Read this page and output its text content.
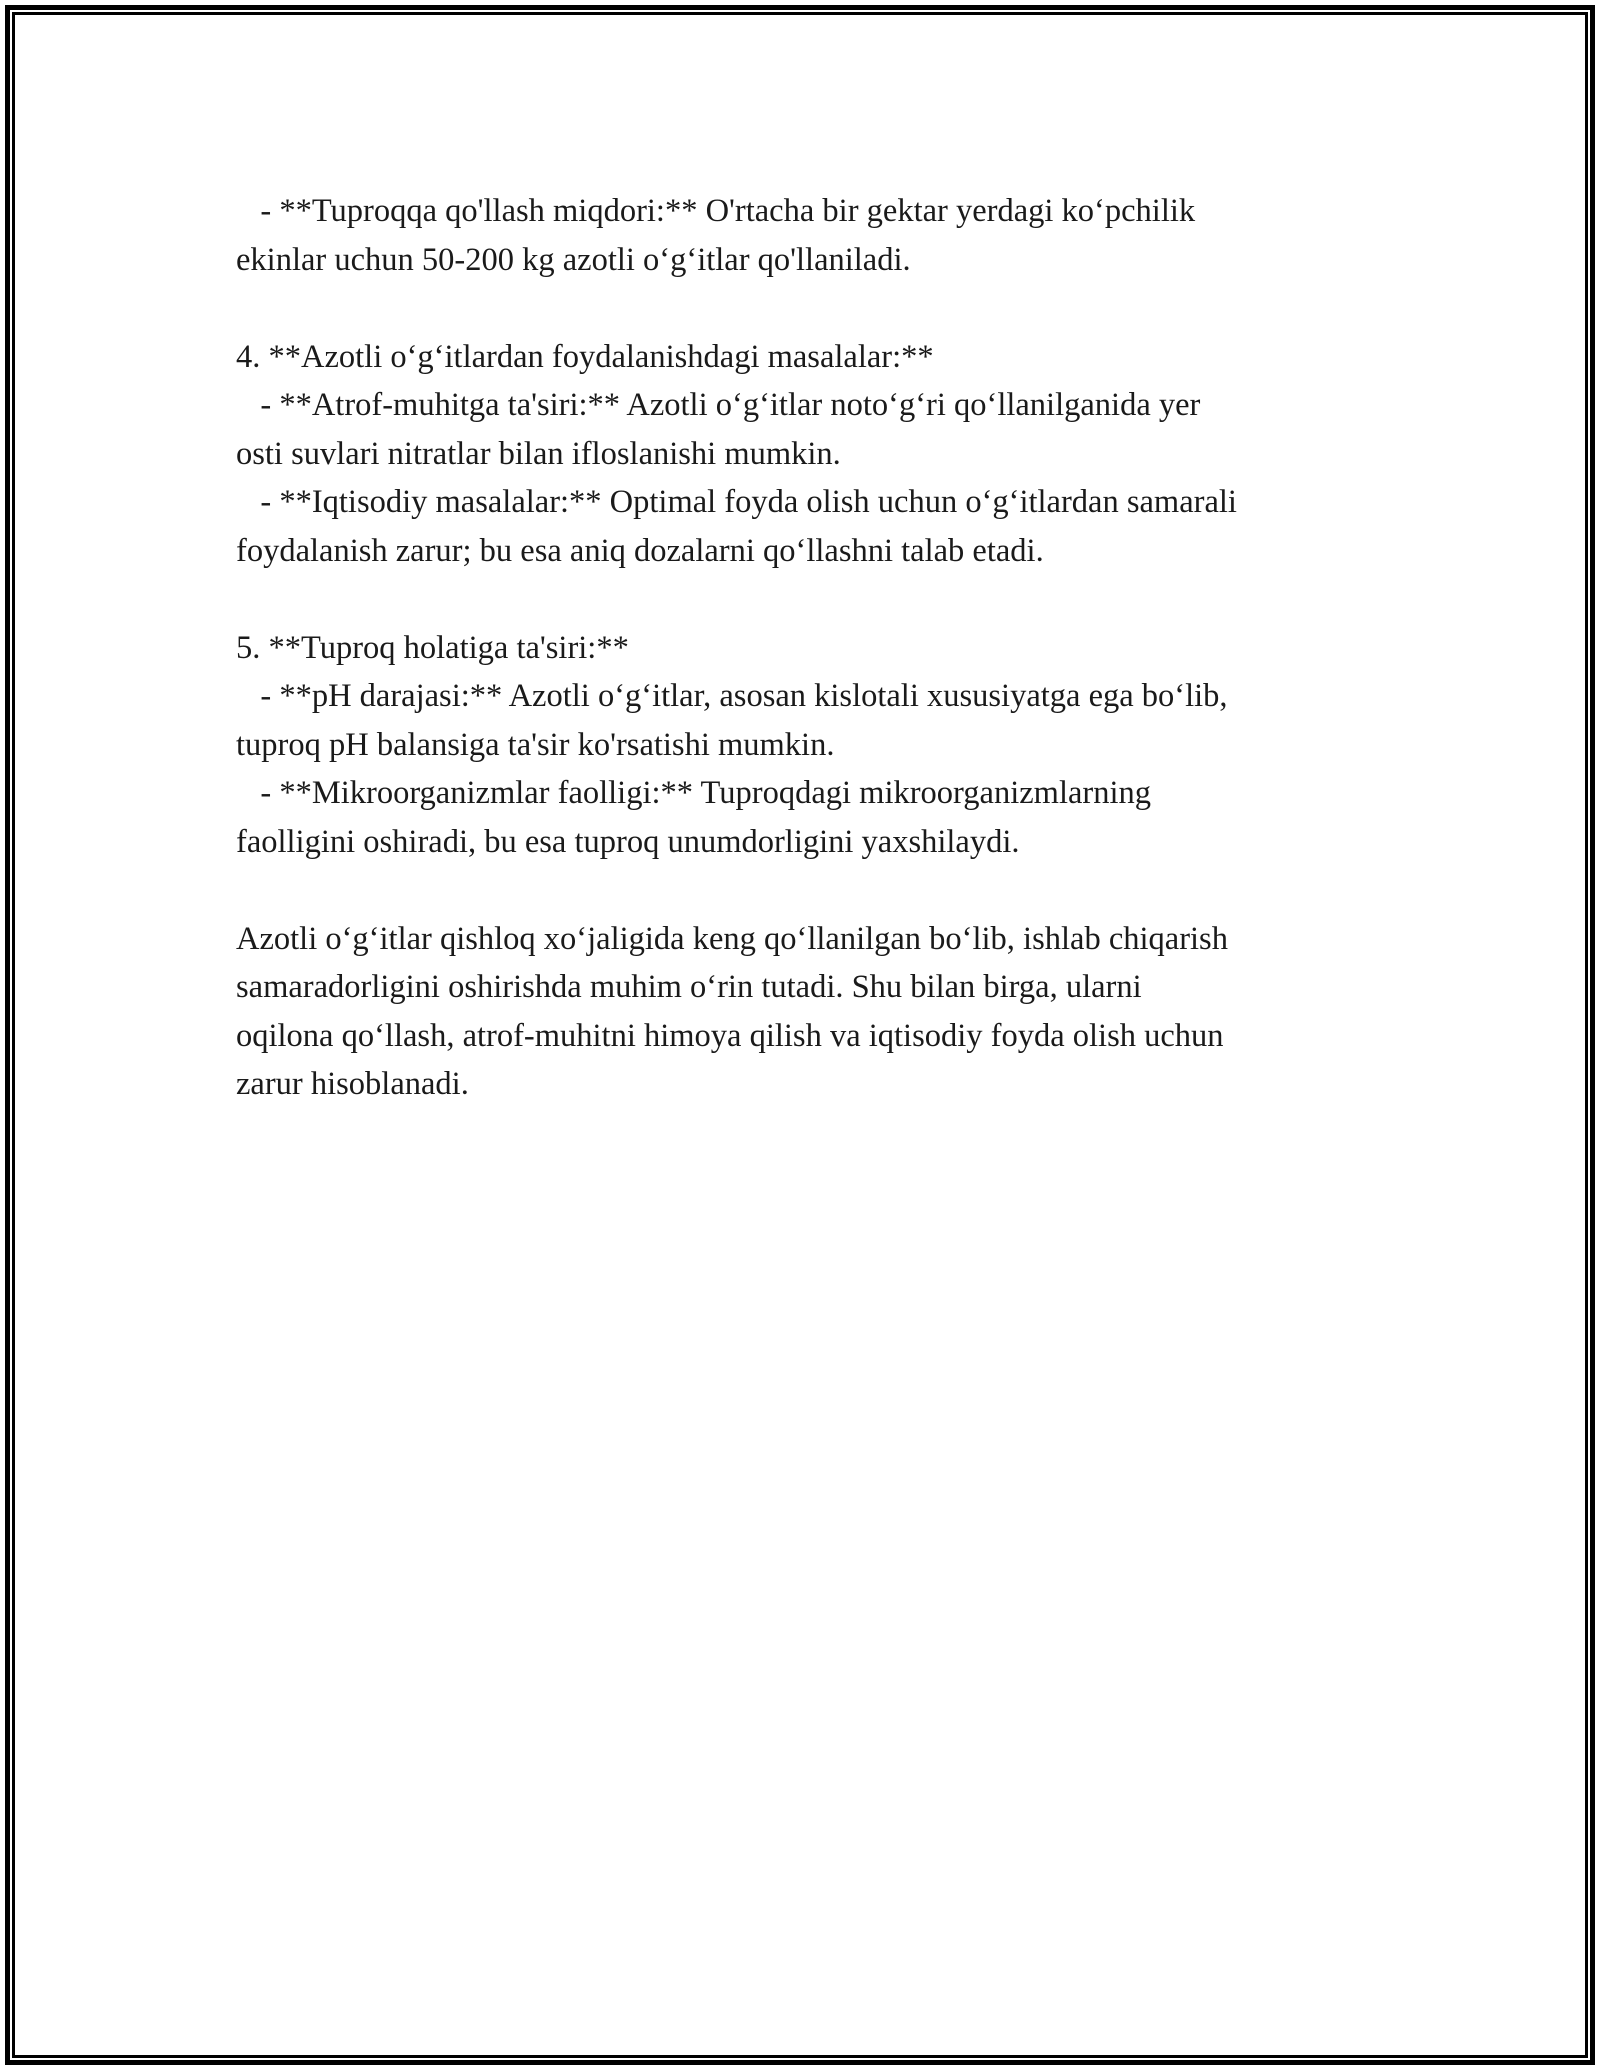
- **Tuproqqa qo'llash miqdori:** O'rtacha bir gektar yerdagi ko‘pchilik

ekinlar uchun 50-200 kg azotli o‘g‘itlar qo'llaniladi.

4. **Azotli o‘g‘itlardan foydalanishdagi masalalar:**

- **Atrof-muhitga ta'siri:** Azotli o‘g‘itlar noto‘g‘ri qo‘llanilganida yer

osti suvlari nitratlar bilan ifloslanishi mumkin.

- **Iqtisodiy masalalar:** Optimal foyda olish uchun o‘g‘itlardan samarali

foydalanish zarur; bu esa aniq dozalarni qo‘llashni talab etadi.

5. **Tuproq holatiga ta'siri:**

- **pH darajasi:** Azotli o‘g‘itlar, asosan kislotali xususiyatga ega bo‘lib,

tuproq pH balansiga ta'sir ko'rsatishi mumkin.

- **Mikroorganizmlar faolligi:** Tuproqdagi mikroorganizmlarning

faolligini oshiradi, bu esa tuproq unumdorligini yaxshilaydi.

Azotli o‘g‘itlar qishloq xo‘jaligida keng qo‘llanilgan bo‘lib, ishlab chiqarish

samaradorligini oshirishda muhim o‘rin tutadi. Shu bilan birga, ularni

oqilona qo‘llash, atrof-muhitni himoya qilish va iqtisodiy foyda olish uchun

zarur hisoblanadi.
